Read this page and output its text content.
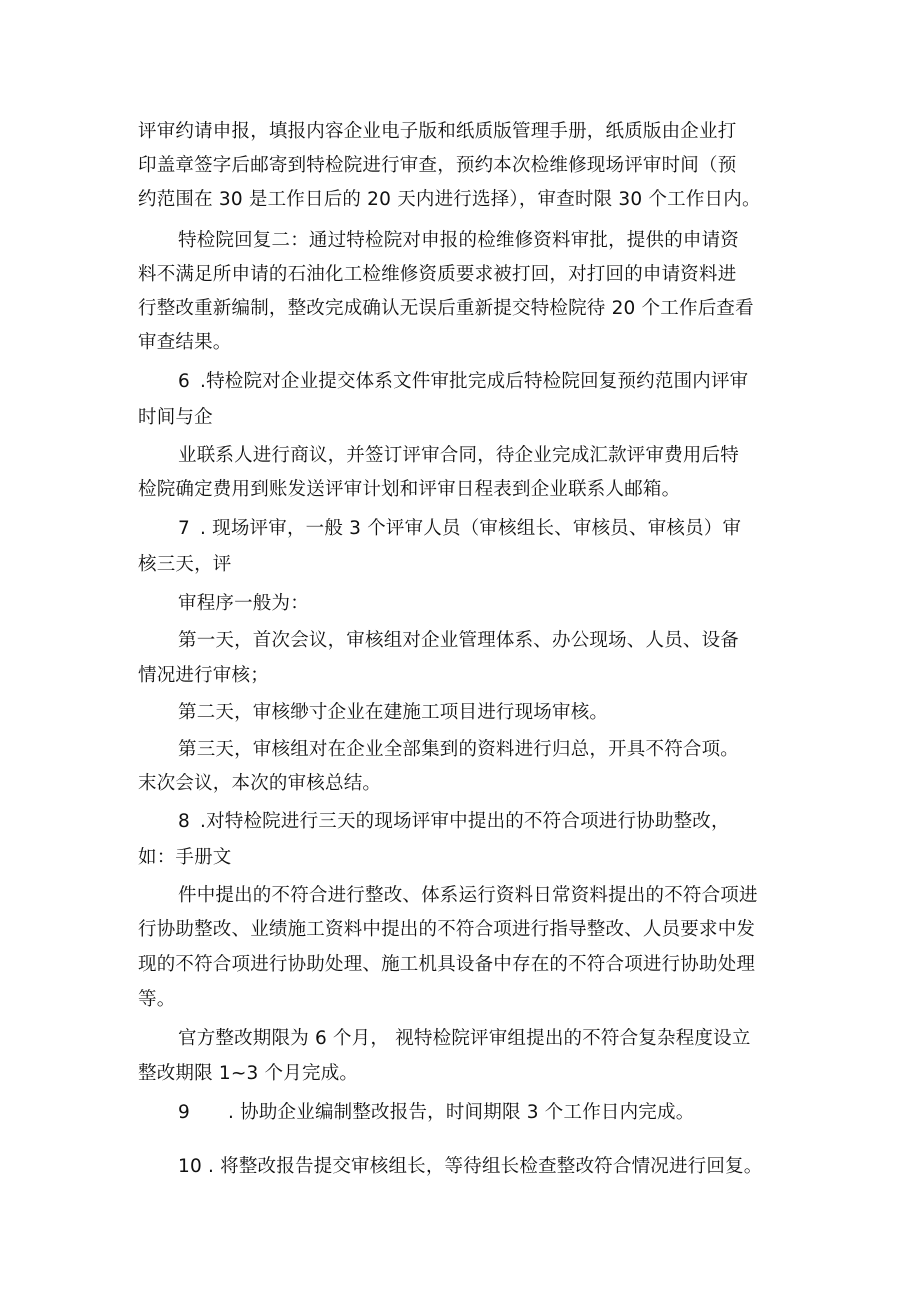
评审约请申报，填报内容企业电子版和纸质版管理手册，纸质版由企业打
印盖章签字后邮寄到特检院进行审查，预约本次检维修现场评审时间（预
约范围在 30 是工作日后的 20 天内进行选择），审查时限 30 个工作日内。
特检院回复二：通过特检院对申报的检维修资料审批，提供的申请资
料不满足所申请的石油化工检维修资质要求被打回，对打回的申请资料进
行整改重新编制，整改完成确认无误后重新提交特检院待 20 个工作后查看
审查结果。
6 .特检院对企业提交体系文件审批完成后特检院回复预约范围内评审
时间与企
业联系人进行商议，并签订评审合同，待企业完成汇款评审费用后特
检院确定费用到账发送评审计划和评审日程表到企业联系人邮箱。
7 . 现场评审，一般 3 个评审人员（审核组长、审核员、审核员）审
核三天，评
审程序一般为：
第一天，首次会议，审核组对企业管理体系、办公现场、人员、设备
情况进行审核；
第二天，审核缈寸企业在建施工项目进行现场审核。
第三天，审核组对在企业全部集到的资料进行归总，开具不符合项。
末次会议，本次的审核总结。
8 .对特检院进行三天的现场评审中提出的不符合项进行协助整改，
如：手册文
件中提出的不符合进行整改、体系运行资料日常资料提出的不符合项进
行协助整改、业绩施工资料中提出的不符合项进行指导整改、人员要求中发
现的不符合项进行协助处理、施工机具设备中存在的不符合项进行协助处理
等。
官方整改期限为 6 个月， 视特检院评审组提出的不符合复杂程度设立
整改期限 1~3 个月完成。
9 . 协助企业编制整改报告，时间期限 3 个工作日内完成。
10 . 将整改报告提交审核组长，等待组长检查整改符合情况进行回复。
